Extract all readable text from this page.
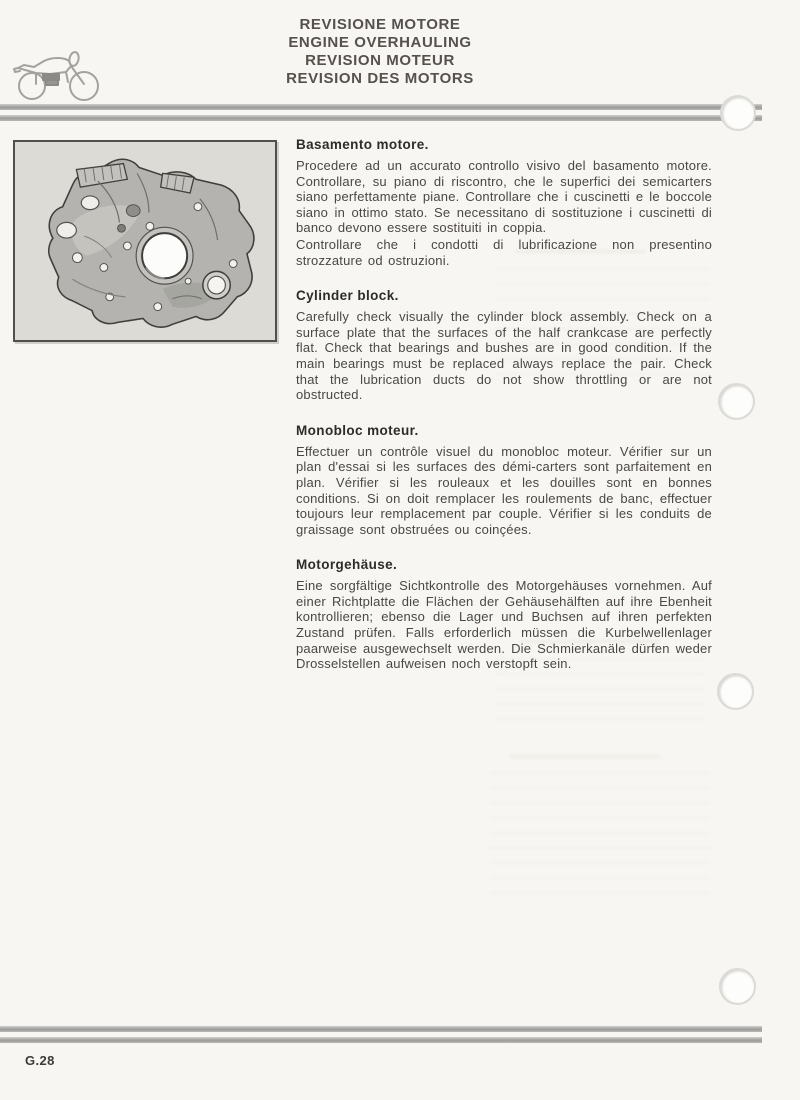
REVISIONE MOTORE
ENGINE OVERHAULING
REVISION MOTEUR
REVISION DES MOTORS
Basamento motore.

Procedere ad un accurato controllo visivo del basamento motore. Controllare, su piano di riscontro, che le superfici dei semicarters siano perfettamente piane. Controllare che i cuscinetti e le boccole siano in ottimo stato. Se necessitano di sostituzione i cuscinetti di banco devono essere sostituiti in coppia.

Controllare che i condotti di lubrificazione non presentino strozzature od ostruzioni.

Cylinder block.

Carefully check visually the cylinder block assembly. Check on a surface plate that the surfaces of the half crankcase are perfectly flat. Check that bearings and bushes are in good condition. If the main bearings must be replaced always replace the pair. Check that the lubrication ducts do not show throttling or are not obstructed.

Monobloc moteur.

Effectuer un contrôle visuel du monobloc moteur. Vérifier sur un plan d'essai si les surfaces des démi-carters sont parfaitement en plan. Vérifier si les rouleaux et les douilles sont en bonnes conditions. Si on doit remplacer les roulements de banc, effectuer toujours leur remplacement par couple. Vérifier si les conduits de graissage sont obstruées ou coinçées.

Motorgehäuse.

Eine sorgfältige Sichtkontrolle des Motorgehäuses vornehmen. Auf einer Richtplatte die Flächen der Gehäusehälften auf ihre Ebenheit kontrollieren; ebenso die Lager und Buchsen auf ihren perfekten Zustand prüfen. Falls erforderlich müssen die Kurbelwellenlager paarweise ausgewechselt werden. Die Schmierkanäle dürfen weder Drosselstellen aufweisen noch verstopft sein.

G.28
